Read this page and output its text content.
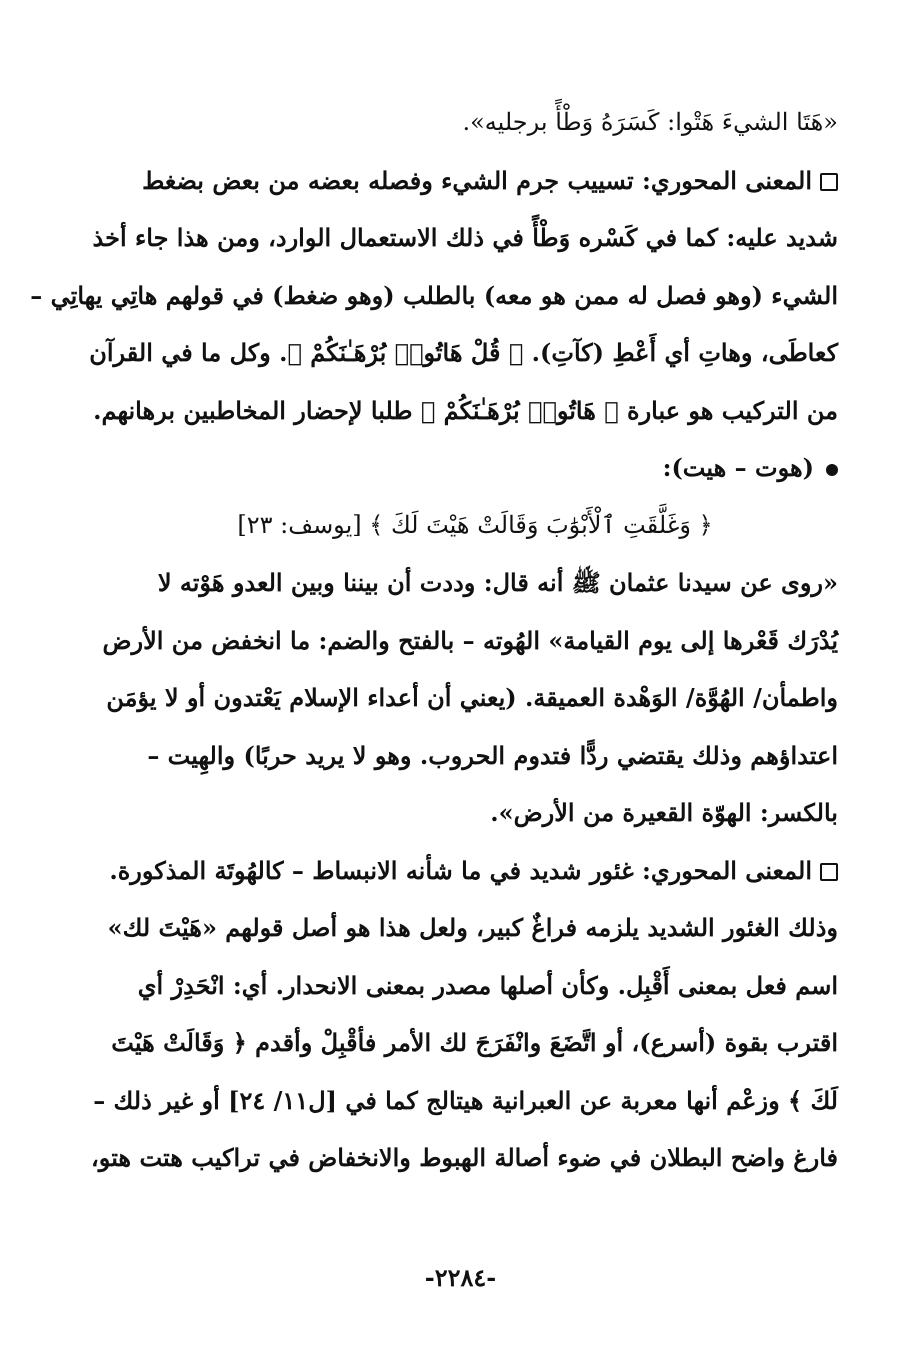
«هَتَا الشيءَ هَتْوا: كَسَرَهُ وَطْأً برجليه».
المعنى المحوري: تسييب جرم الشيء وفصله بعضه من بعض بضغط
شديد عليه: كما في كَسْره وَطْأً في ذلك الاستعمال الوارد، ومن هذا جاء أخذ
الشيء (وهو فصل له ممن هو معه) بالطلب (وهو ضغط) في قولهم هاتِي يهاتِي –
كعاطَى، وهاتِ أي أَعْطِ (كآتِ). ﴿ قُلْ هَاتُوا۟ بُرْهَـٰنَكُمْ ﴾. وكل ما في القرآن
من التركيب هو عبارة ﴿ هَاتُوا۟ بُرْهَـٰنَكُمْ ﴾ طلبا لإحضار المخاطبين برهانهم.
(هوت – هيت):
﴿ وَغَلَّقَتِ ٱلْأَبْوَٰبَ وَقَالَتْ هَيْتَ لَكَ ﴾ [يوسف: ٢٣]
«روى عن سيدنا عثمان ﷺ أنه قال: وددت أن بيننا وبين العدو هَوْته لا
يُدْرَك قَعْرها إلى يوم القيامة» الهُوته – بالفتح والضم: ما انخفض من الأرض
واطمأن/ الهُوَّة/ الوَهْدة العميقة. (يعني أن أعداء الإسلام يَعْتدون أو لا يؤمَن
اعتداؤهم وذلك يقتضي ردًّا فتدوم الحروب. وهو لا يريد حربًا) والهِيت –
بالكسر: الهوّة القعيرة من الأرض».
المعنى المحوري: غئور شديد في ما شأنه الانبساط – كالهُوتَة المذكورة.
وذلك الغئور الشديد يلزمه فراغٌ كبير، ولعل هذا هو أصل قولهم «هَيْتَ لك»
اسم فعل بمعنى أَقْبِل. وكأن أصلها مصدر بمعنى الانحدار. أي: انْحَدِرْ أي
اقترب بقوة (أسرع)، أو اتَّضَعَ وانْفَرَجَ لك الأمر فأقْبِلْ وأقدم ﴿ وَقَالَتْ هَيْتَ
لَكَ ﴾ وزعْم أنها معربة عن العبرانية هيتالج كما في [ل١١/ ٢٤] أو غير ذلك –
فارغ واضح البطلان في ضوء أصالة الهبوط والانخفاض في تراكيب هتت هتو،
-٢٢٨٤-
